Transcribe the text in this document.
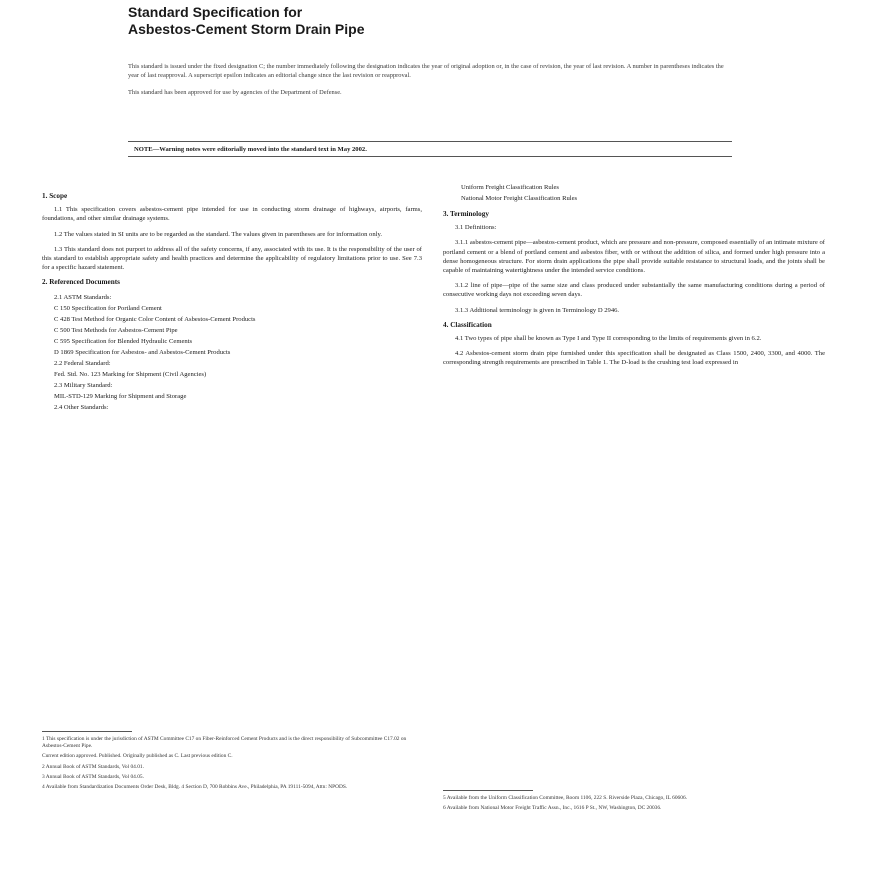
Standard Specification for

Asbestos-Cement Storm Drain Pipe

This standard is issued under the fixed designation C; the number immediately following the designation indicates the year of original adoption or, in the case of revision, the year of last revision. A number in parentheses indicates the year of last reapproval. A superscript epsilon indicates an editorial change since the last revision or reapproval.

This standard has been approved for use by agencies of the Department of Defense.

NOTE—Warning notes were editorially moved into the standard text in May 2002.
1. Scope

1.1 This specification covers asbestos-cement pipe intended for use in conducting storm drainage of highways, airports, farms, foundations, and other similar drainage systems.

1.2 The values stated in SI units are to be regarded as the standard. The values given in parentheses are for information only.

1.3 This standard does not purport to address all of the safety concerns, if any, associated with its use. It is the responsibility of the user of this standard to establish appropriate safety and health practices and determine the applicability of regulatory limitations prior to use. See 7.3 for a specific hazard statement.

2. Referenced Documents
2.1 ASTM Standards:
C 150 Specification for Portland Cement
C 428 Test Method for Organic Color Content of Asbestos-Cement Products
C 500 Test Methods for Asbestos-Cement Pipe
C 595 Specification for Blended Hydraulic Cements
D 1869 Specification for Asbestos- and Asbestos-Cement Products
2.2 Federal Standard:
Fed. Std. No. 123 Marking for Shipment (Civil Agencies)
2.3 Military Standard:
MIL-STD-129 Marking for Shipment and Storage
2.4 Other Standards:
Uniform Freight Classification Rules
National Motor Freight Classification Rules
3. Terminology

3.1 Definitions:

3.1.1 asbestos-cement pipe—asbestos-cement product, which are pressure and non-pressure, composed essentially of an intimate mixture of portland cement or a blend of portland cement and asbestos fiber, with or without the addition of silica, and formed under high pressure into a dense homogeneous structure. For storm drain applications the pipe shall provide suitable resistance to structural loads, and the joints shall be capable of maintaining watertightness under the intended service conditions.

3.1.2 line of pipe—pipe of the same size and class produced under substantially the same manufacturing conditions during a period of consecutive working days not exceeding seven days.

3.1.3 Additional terminology is given in Terminology D 2946.

4. Classification

4.1 Two types of pipe shall be known as Type I and Type II corresponding to the limits of requirements given in 6.2.

4.2 Asbestos-cement storm drain pipe furnished under this specification shall be designated as Class 1500, 2400, 3300, and 4000. The corresponding strength requirements are prescribed in Table 1. The D-load is the crushing test load expressed in

1 This specification is under the jurisdiction of ASTM Committee C17 on Fiber-Reinforced Cement Products and is the direct responsibility of Subcommittee C17.02 on Asbestos-Cement Pipe.

Current edition approved. Published. Originally published as C. Last previous edition C.

2 Annual Book of ASTM Standards, Vol 04.01.

3 Annual Book of ASTM Standards, Vol 04.05.

4 Available from Standardization Documents Order Desk, Bldg. 4 Section D, 700 Robbins Ave., Philadelphia, PA 19111-5094, Attn: NPODS.

5 Available from the Uniform Classification Committee, Room 1106, 222 S. Riverside Plaza, Chicago, IL 60606.

6 Available from National Motor Freight Traffic Assn., Inc., 1616 P St., NW, Washington, DC 20036.
